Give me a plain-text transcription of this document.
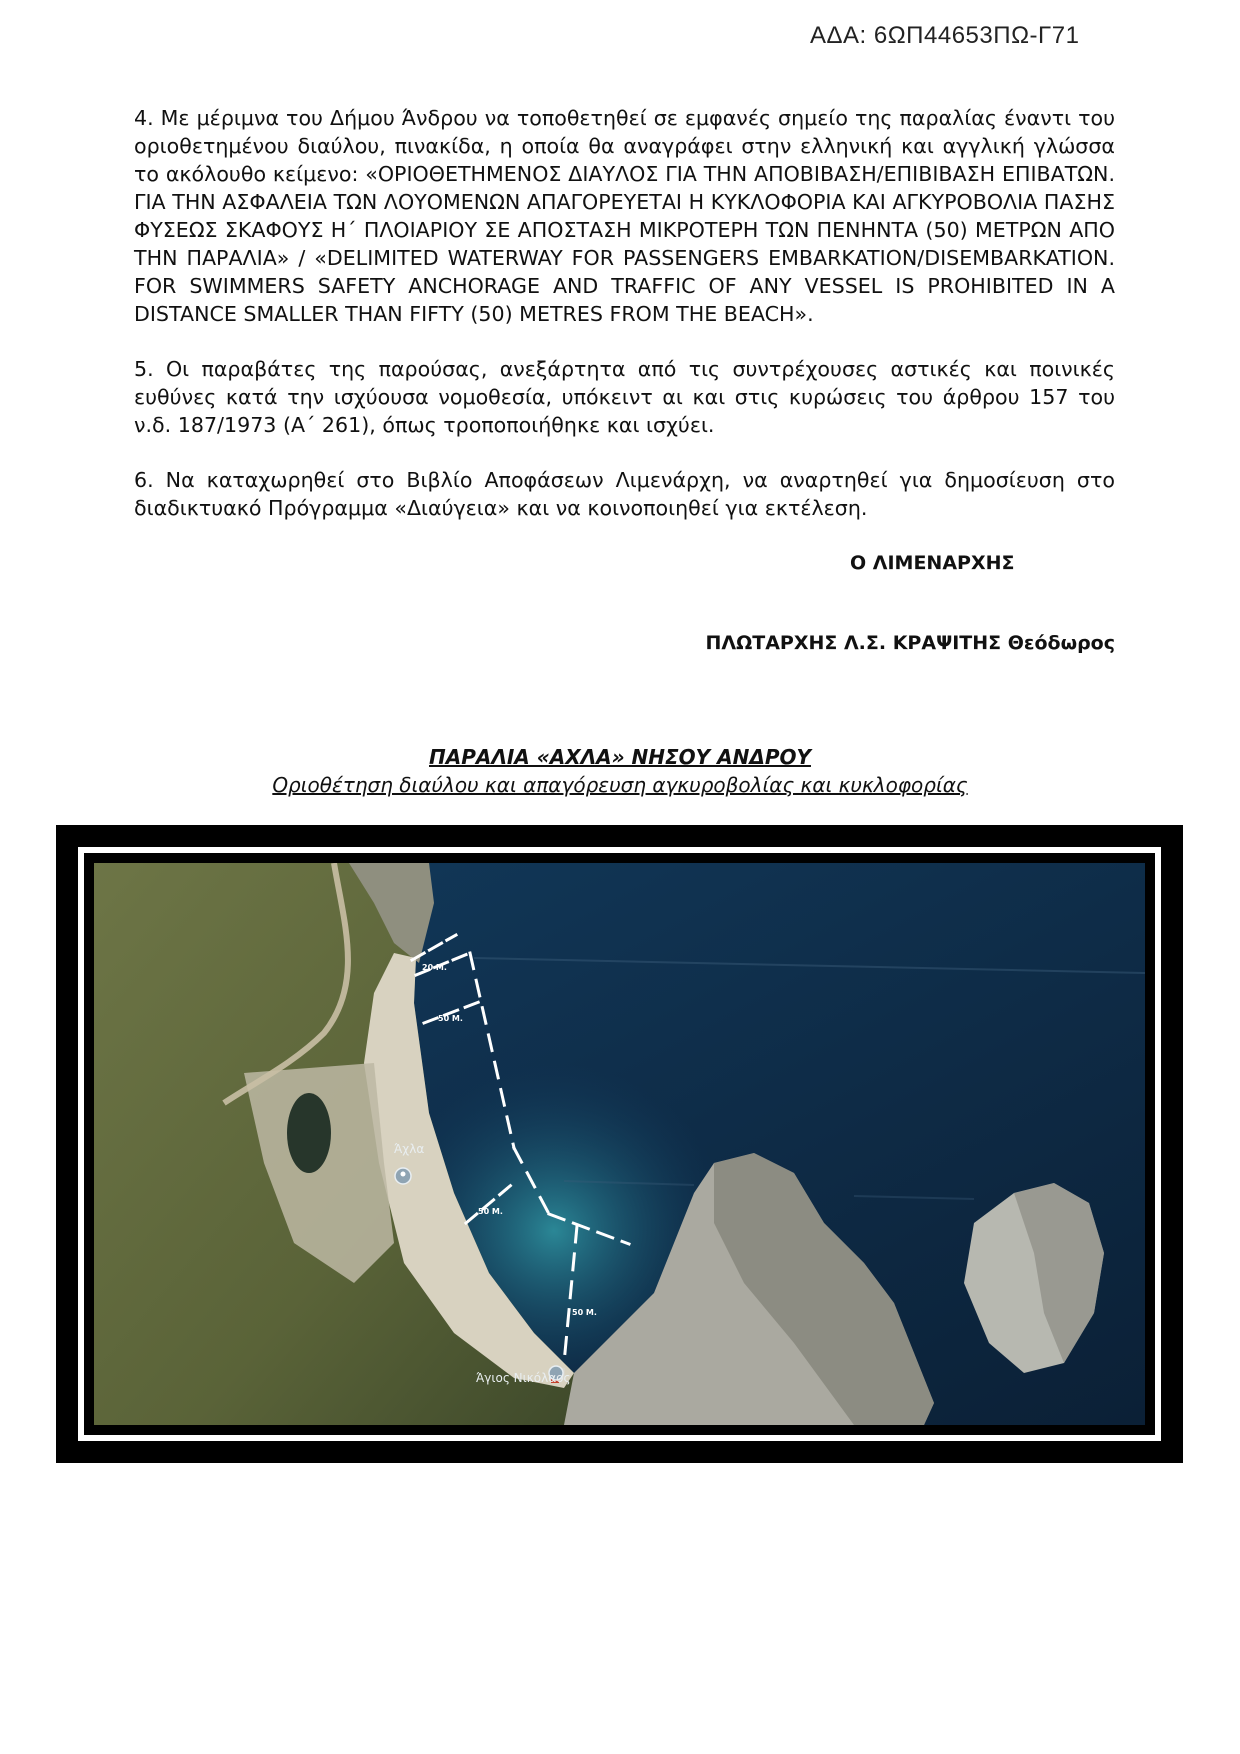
ΑΔΑ: 6ΩΠ44653ΠΩ-Γ71

4. Με μέριμνα του Δήμου Άνδρου να τοποθετηθεί σε εμφανές σημείο της παραλίας έναντι του οριοθετημένου διαύλου, πινακίδα, η οποία θα αναγράφει στην ελληνική και αγγλική γλώσσα το ακόλουθο κείμενο: «ΟΡΙΟΘΕΤΗΜΕΝΟΣ ΔΙΑΥΛΟΣ ΓΙΑ ΤΗΝ ΑΠΟΒΙΒΑΣΗ/ΕΠΙΒΙΒΑΣΗ ΕΠΙΒΑΤΩΝ. ΓΙΑ ΤΗΝ ΑΣΦΑΛΕΙΑ ΤΩΝ ΛΟΥΟΜΕΝΩΝ ΑΠΑΓΟΡΕΥΕΤΑΙ Η ΚΥΚΛΟΦΟΡΙΑ ΚΑΙ ΑΓΚΥΡΟΒΟΛΙΑ ΠΑΣΗΣ ΦΥΣΕΩΣ ΣΚΑΦΟΥΣ Η΄ ΠΛΟΙΑΡΙΟΥ ΣΕ ΑΠΟΣΤΑΣΗ ΜΙΚΡΟΤΕΡΗ ΤΩΝ ΠΕΝΗΝΤΑ (50) ΜΕΤΡΩΝ ΑΠΟ ΤΗΝ ΠΑΡΑΛΙΑ» / «DELIMITED WATERWAY FOR PASSENGERS EMBARKATION/DISEMBARKATION. FOR SWIMMERS SAFETY ANCHORAGE AND TRAFFIC OF ANY VESSEL IS PROHIBITED IN A DISTANCE SMALLER THAN FIFTY (50) METRES FROM THE BEACH».

5. Οι παραβάτες της παρούσας, ανεξάρτητα από τις συντρέχουσες αστικές και ποινικές ευθύνες κατά την ισχύουσα νομοθεσία, υπόκειντ αι και στις κυρώσεις του άρθρου 157 του ν.δ. 187/1973 (Α΄ 261), όπως τροποποιήθηκε και ισχύει.

6. Να καταχωρηθεί στο Βιβλίο Αποφάσεων Λιμενάρχη, να αναρτηθεί για δημοσίευση στο διαδικτυακό Πρόγραμμα «Διαύγεια» και να κοινοποιηθεί για εκτέλεση.

Ο ΛΙΜΕΝΑΡΧΗΣ
ΠΛΩΤΑΡΧΗΣ Λ.Σ. ΚΡΑΨΙΤΗΣ Θεόδωρος
ΠΑΡΑΛΙΑ «ΑΧΛΑ» ΝΗΣΟΥ ΑΝΔΡΟΥ
Οριοθέτηση διαύλου και απαγόρευση αγκυροβολίας και κυκλοφορίας
20 M.
50 M.
50 M.
50 M.
Άχλα
Άγιος Νικόλαος
